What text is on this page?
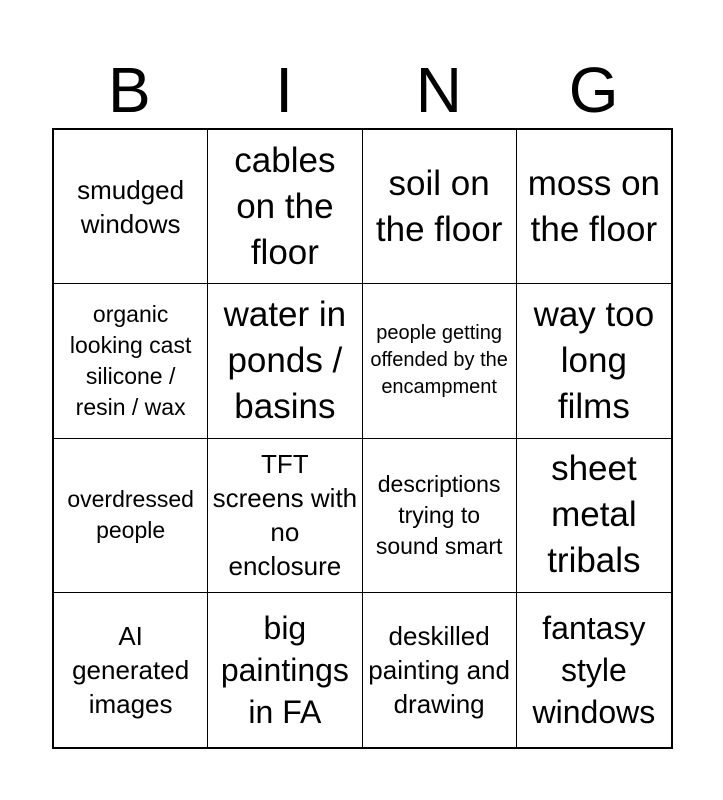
B	I	N	G
smudged windows
cables on the floor
soil on the floor
moss on the floor
organic looking cast silicone / resin / wax
water in ponds / basins
people getting offended by the encampment
way too long films
overdressed people
TFT screens with no enclosure
descriptions trying to sound smart
sheet metal tribals
AI generated images
big paintings in FA
deskilled painting and drawing
fantasy style windows
